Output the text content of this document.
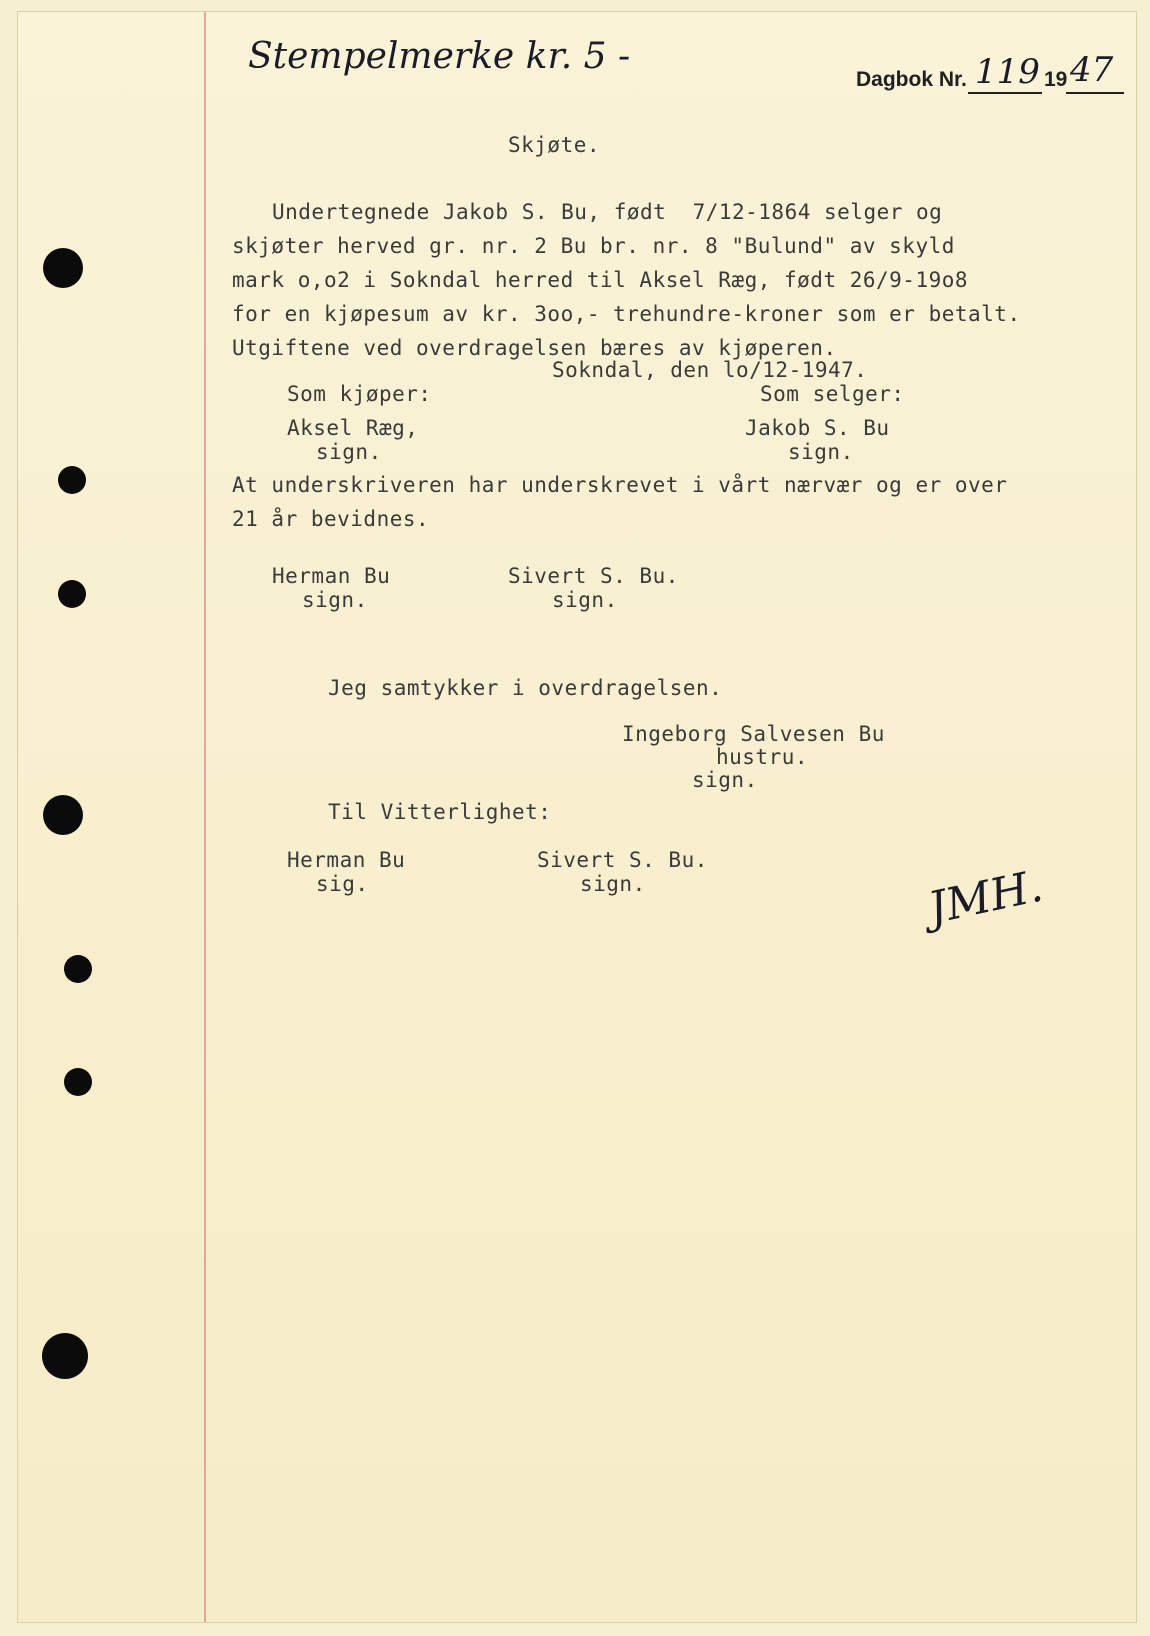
Stempelmerke kr. 5 -
Dagbok Nr. 119 19 47
Skjøte.
Undertegnede Jakob S. Bu, født  7/12-1864 selger og
skjøter herved gr. nr. 2 Bu br. nr. 8 "Bulund" av skyld
mark o,o2 i Sokndal herred til Aksel Ræg, født 26/9-19o8
for en kjøpesum av kr. 3oo,- trehundre-kroner som er betalt.
Utgiftene ved overdragelsen bæres av kjøperen.
Sokndal, den lo/12-1947.
Som kjøper:	Som selger:
Aksel Ræg,
sign.
Jakob S. Bu
sign.
At underskriveren har underskrevet i vårt nærvær og er over
21 år bevidnes.
Herman Bu
sign.
Sivert S. Bu.
sign.
Jeg samtykker i overdragelsen.
Ingeborg Salvesen Bu
hustru.
sign.
Til Vitterlighet:
Herman Bu
sig.
Sivert S. Bu.
sign.	JMH.
